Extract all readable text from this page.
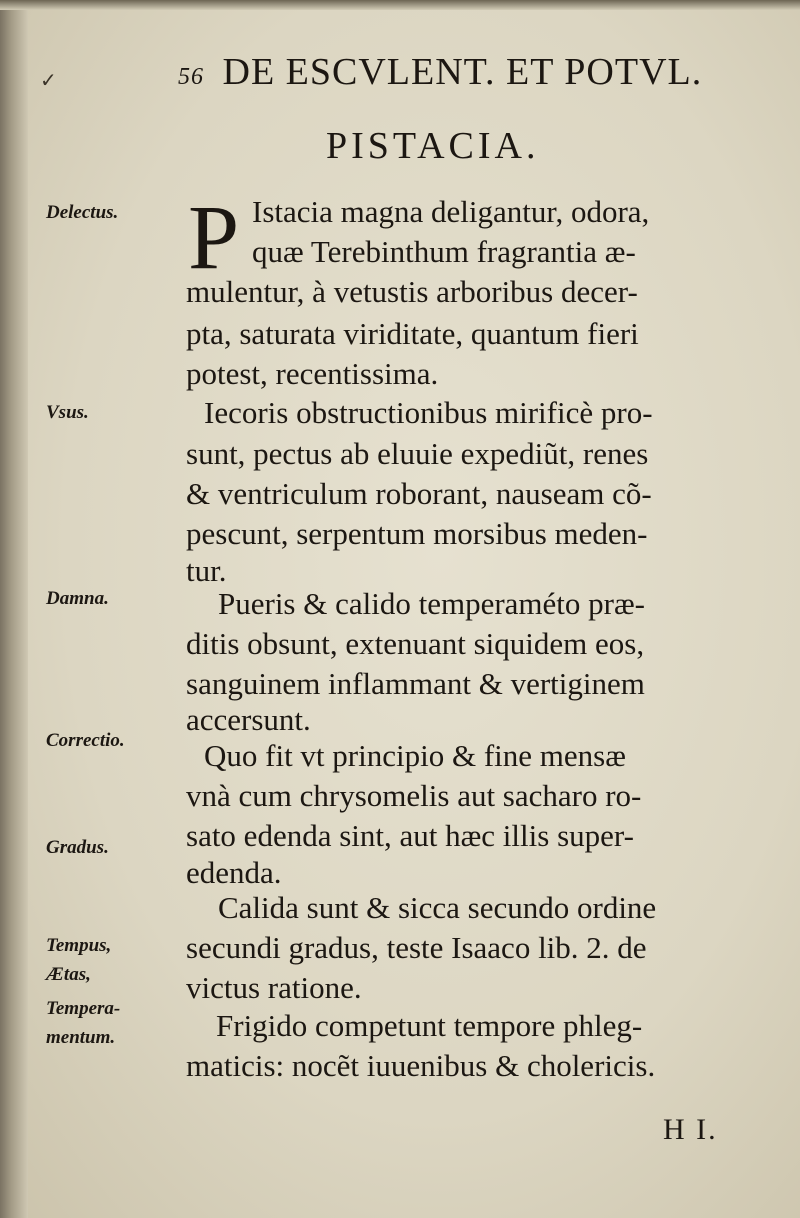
✓	56 DE ESCVLENT. ET POTVL.
PISTACIA.
Delectus.
Vsus.
Damna.
Correctio.
Gradus.
Tempus,
Ætas,
Tempera-
mentum.
P Istacia magna deligantur, odora,
quæ Terebinthum fragrantia æ-
mulentur, à vetustis arboribus decer-
pta, saturata viriditate, quantum fieri
potest, recentissima.
Iecoris obstructionibus mirificè pro-
sunt, pectus ab eluuie expediũt, renes
& ventriculum roborant, nauseam cõ-
pescunt, serpentum morsibus meden-
tur.
Pueris & calido temperaméto præ-
ditis obsunt, extenuant siquidem eos,
sanguinem inflammant & vertiginem
accersunt.
Quo fit vt principio & fine mensæ
vnà cum chrysomelis aut sacharo ro-
sato edenda sint, aut hæc illis super-
edenda.
Calida sunt & sicca secundo ordine
secundi gradus, teste Isaaco lib. 2. de
victus ratione.
Frigido competunt tempore phleg-
maticis: nocẽt iuuenibus & cholericis.
H I.
